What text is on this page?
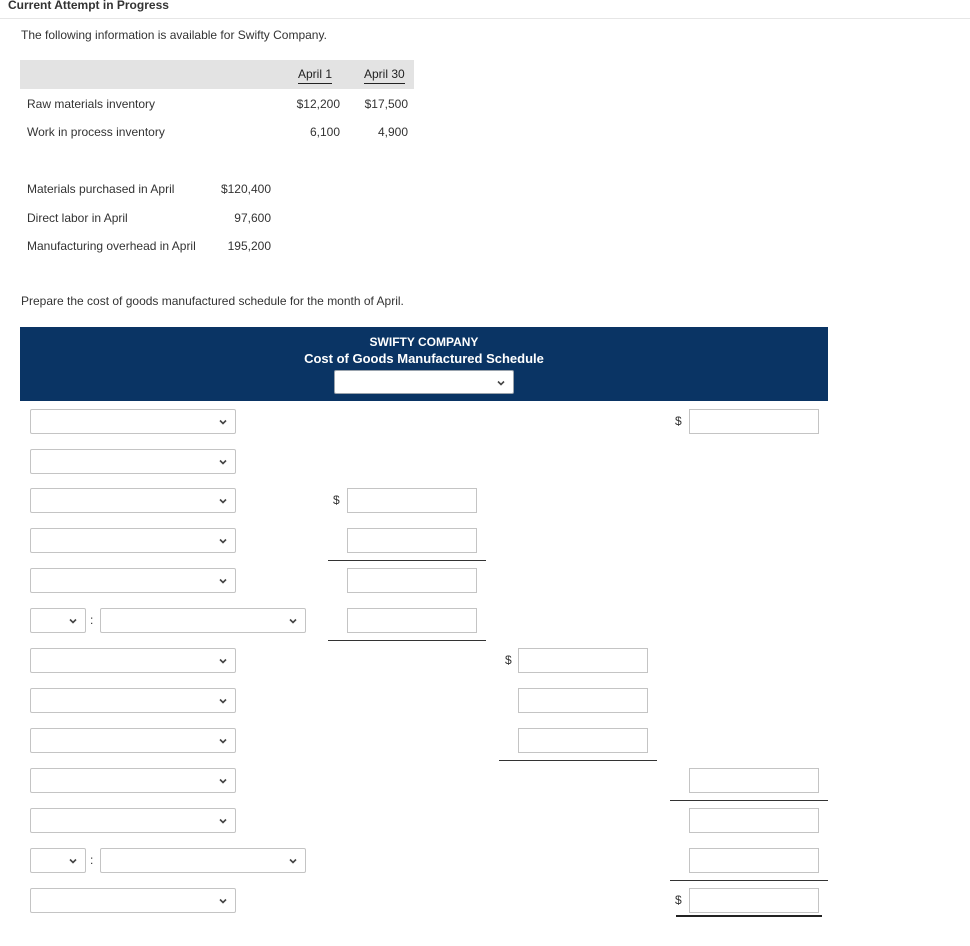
Current Attempt in Progress
The following information is available for Swifty Company.
April 1	April 30
Raw materials inventory	$12,200	$17,500
Work in process inventory	6,100	4,900
Materials purchased in April	$120,400
Direct labor in April	97,600
Manufacturing overhead in April	195,200
Prepare the cost of goods manufactured schedule for the month of April.
SWIFTY COMPANY
Cost of Goods Manufactured Schedule
:
:
$
$
$
$
